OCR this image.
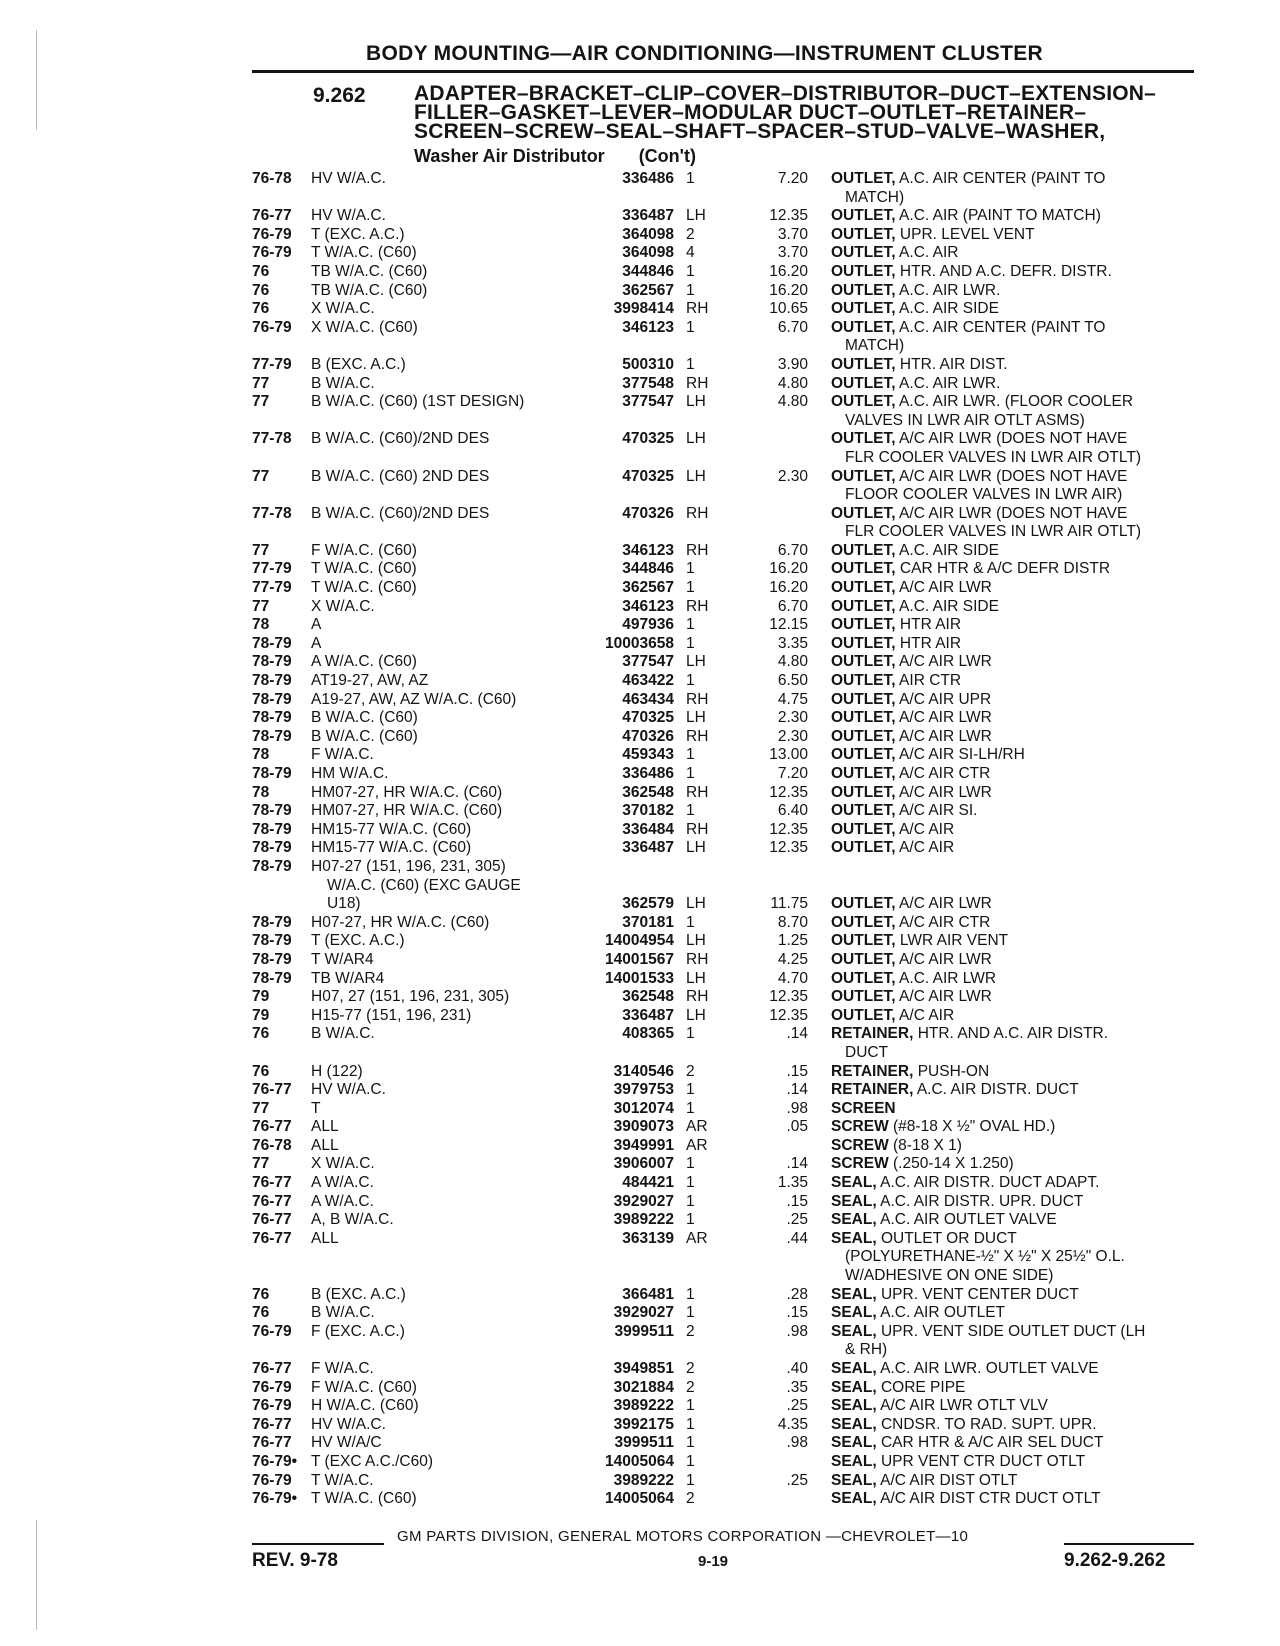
BODY MOUNTING—AIR CONDITIONING—INSTRUMENT CLUSTER
9.262 ADAPTER–BRACKET–CLIP–COVER–DISTRIBUTOR–DUCT–EXTENSION–
FILLER–GASKET–LEVER–MODULAR DUCT–OUTLET–RETAINER–
SCREEN–SCREW–SEAL–SHAFT–SPACER–STUD–VALVE–WASHER,
Washer Air Distributor (Con't)
76-78 HV W/A.C.	336486 1	7.20 OUTLET, A.C. AIR CENTER (PAINT TO
MATCH)
76-77 HV W/A.C.	336487 LH	12.35 OUTLET, A.C. AIR (PAINT TO MATCH)
76-79 T (EXC. A.C.)	364098 2	3.70 OUTLET, UPR. LEVEL VENT
76-79 T W/A.C. (C60)	364098 4	3.70 OUTLET, A.C. AIR
76	TB W/A.C. (C60)	344846 1	16.20 OUTLET, HTR. AND A.C. DEFR. DISTR.
76	TB W/A.C. (C60)	362567 1	16.20 OUTLET, A.C. AIR LWR.
76	X W/A.C.	3998414 RH	10.65 OUTLET, A.C. AIR SIDE
76-79 X W/A.C. (C60)	346123 1	6.70 OUTLET, A.C. AIR CENTER (PAINT TO
MATCH)
77-79 B (EXC. A.C.)	500310 1	3.90 OUTLET, HTR. AIR DIST.
77	B W/A.C.	377548 RH	4.80 OUTLET, A.C. AIR LWR.
77	B W/A.C. (C60) (1ST DESIGN)	377547 LH	4.80 OUTLET, A.C. AIR LWR. (FLOOR COOLER
VALVES IN LWR AIR OTLT ASMS)
77-78 B W/A.C. (C60)/2ND DES	470325 LH	OUTLET, A/C AIR LWR (DOES NOT HAVE
FLR COOLER VALVES IN LWR AIR OTLT)
77	B W/A.C. (C60) 2ND DES	470325 LH	2.30 OUTLET, A/C AIR LWR (DOES NOT HAVE
FLOOR COOLER VALVES IN LWR AIR)
77-78 B W/A.C. (C60)/2ND DES	470326 RH	OUTLET, A/C AIR LWR (DOES NOT HAVE
FLR COOLER VALVES IN LWR AIR OTLT)
77	F W/A.C. (C60)	346123 RH	6.70 OUTLET, A.C. AIR SIDE
77-79 T W/A.C. (C60)	344846 1	16.20 OUTLET, CAR HTR & A/C DEFR DISTR
77-79 T W/A.C. (C60)	362567 1	16.20 OUTLET, A/C AIR LWR
77	X W/A.C.	346123 RH	6.70 OUTLET, A.C. AIR SIDE
78	A	497936 1	12.15 OUTLET, HTR AIR
78-79 A	10003658 1	3.35 OUTLET, HTR AIR
78-79 A W/A.C. (C60)	377547 LH	4.80 OUTLET, A/C AIR LWR
78-79 AT19-27, AW, AZ	463422 1	6.50 OUTLET, AIR CTR
78-79 A19-27, AW, AZ W/A.C. (C60)	463434 RH	4.75 OUTLET, A/C AIR UPR
78-79 B W/A.C. (C60)	470325 LH	2.30 OUTLET, A/C AIR LWR
78-79 B W/A.C. (C60)	470326 RH	2.30 OUTLET, A/C AIR LWR
78	F W/A.C.	459343 1	13.00 OUTLET, A/C AIR SI-LH/RH
78-79 HM W/A.C.	336486 1	7.20 OUTLET, A/C AIR CTR
78	HM07-27, HR W/A.C. (C60)	362548 RH	12.35 OUTLET, A/C AIR LWR
78-79 HM07-27, HR W/A.C. (C60)	370182 1	6.40 OUTLET, A/C AIR SI.
78-79 HM15-77 W/A.C. (C60)	336484 RH	12.35 OUTLET, A/C AIR
78-79 HM15-77 W/A.C. (C60)	336487 LH	12.35 OUTLET, A/C AIR
78-79 H07-27 (151, 196, 231, 305)
W/A.C. (C60) (EXC GAUGE
U18)	362579 LH	11.75 OUTLET, A/C AIR LWR
78-79 H07-27, HR W/A.C. (C60)	370181 1	8.70 OUTLET, A/C AIR CTR
78-79 T (EXC. A.C.)	14004954 LH	1.25 OUTLET, LWR AIR VENT
78-79 T W/AR4	14001567 RH	4.25 OUTLET, A/C AIR LWR
78-79 TB W/AR4	14001533 LH	4.70 OUTLET, A.C. AIR LWR
79	H07, 27 (151, 196, 231, 305)	362548 RH	12.35 OUTLET, A/C AIR LWR
79	H15-77 (151, 196, 231)	336487 LH	12.35 OUTLET, A/C AIR
76	B W/A.C.	408365 1	.14 RETAINER, HTR. AND A.C. AIR DISTR.
DUCT
76	H (122)	3140546 2	.15 RETAINER, PUSH-ON
76-77 HV W/A.C.	3979753 1	.14 RETAINER, A.C. AIR DISTR. DUCT
77	T	3012074 1	.98 SCREEN
76-77 ALL	3909073 AR	.05 SCREW (#8-18 X ½" OVAL HD.)
76-78 ALL	3949991 AR	SCREW (8-18 X 1)
77	X W/A.C.	3906007 1	.14 SCREW (.250-14 X 1.250)
76-77 A W/A.C.	484421 1	1.35 SEAL, A.C. AIR DISTR. DUCT ADAPT.
76-77 A W/A.C.	3929027 1	.15 SEAL, A.C. AIR DISTR. UPR. DUCT
76-77 A, B W/A.C.	3989222 1	.25 SEAL, A.C. AIR OUTLET VALVE
76-77 ALL	363139 AR	.44 SEAL, OUTLET OR DUCT
(POLYURETHANE-½" X ½" X 25½" O.L.
W/ADHESIVE ON ONE SIDE)
76	B (EXC. A.C.)	366481 1	.28 SEAL, UPR. VENT CENTER DUCT
76	B W/A.C.	3929027 1	.15 SEAL, A.C. AIR OUTLET
76-79 F (EXC. A.C.)	3999511 2	.98 SEAL, UPR. VENT SIDE OUTLET DUCT (LH
& RH)
76-77 F W/A.C.	3949851 2	.40 SEAL, A.C. AIR LWR. OUTLET VALVE
76-79 F W/A.C. (C60)	3021884 2	.35 SEAL, CORE PIPE
76-79 H W/A.C. (C60)	3989222 1	.25 SEAL, A/C AIR LWR OTLT VLV
76-77 HV W/A.C.	3992175 1	4.35 SEAL, CNDSR. TO RAD. SUPT. UPR.
76-77 HV W/A/C	3999511 1	.98 SEAL, CAR HTR & A/C AIR SEL DUCT
76-79• T (EXC A.C./C60)	14005064 1	SEAL, UPR VENT CTR DUCT OTLT
76-79 T W/A.C.	3989222 1	.25 SEAL, A/C AIR DIST OTLT
76-79• T W/A.C. (C60)	14005064 2	SEAL, A/C AIR DIST CTR DUCT OTLT
GM PARTS DIVISION, GENERAL MOTORS CORPORATION —CHEVROLET—10
REV. 9-78	9-19	9.262-9.262
